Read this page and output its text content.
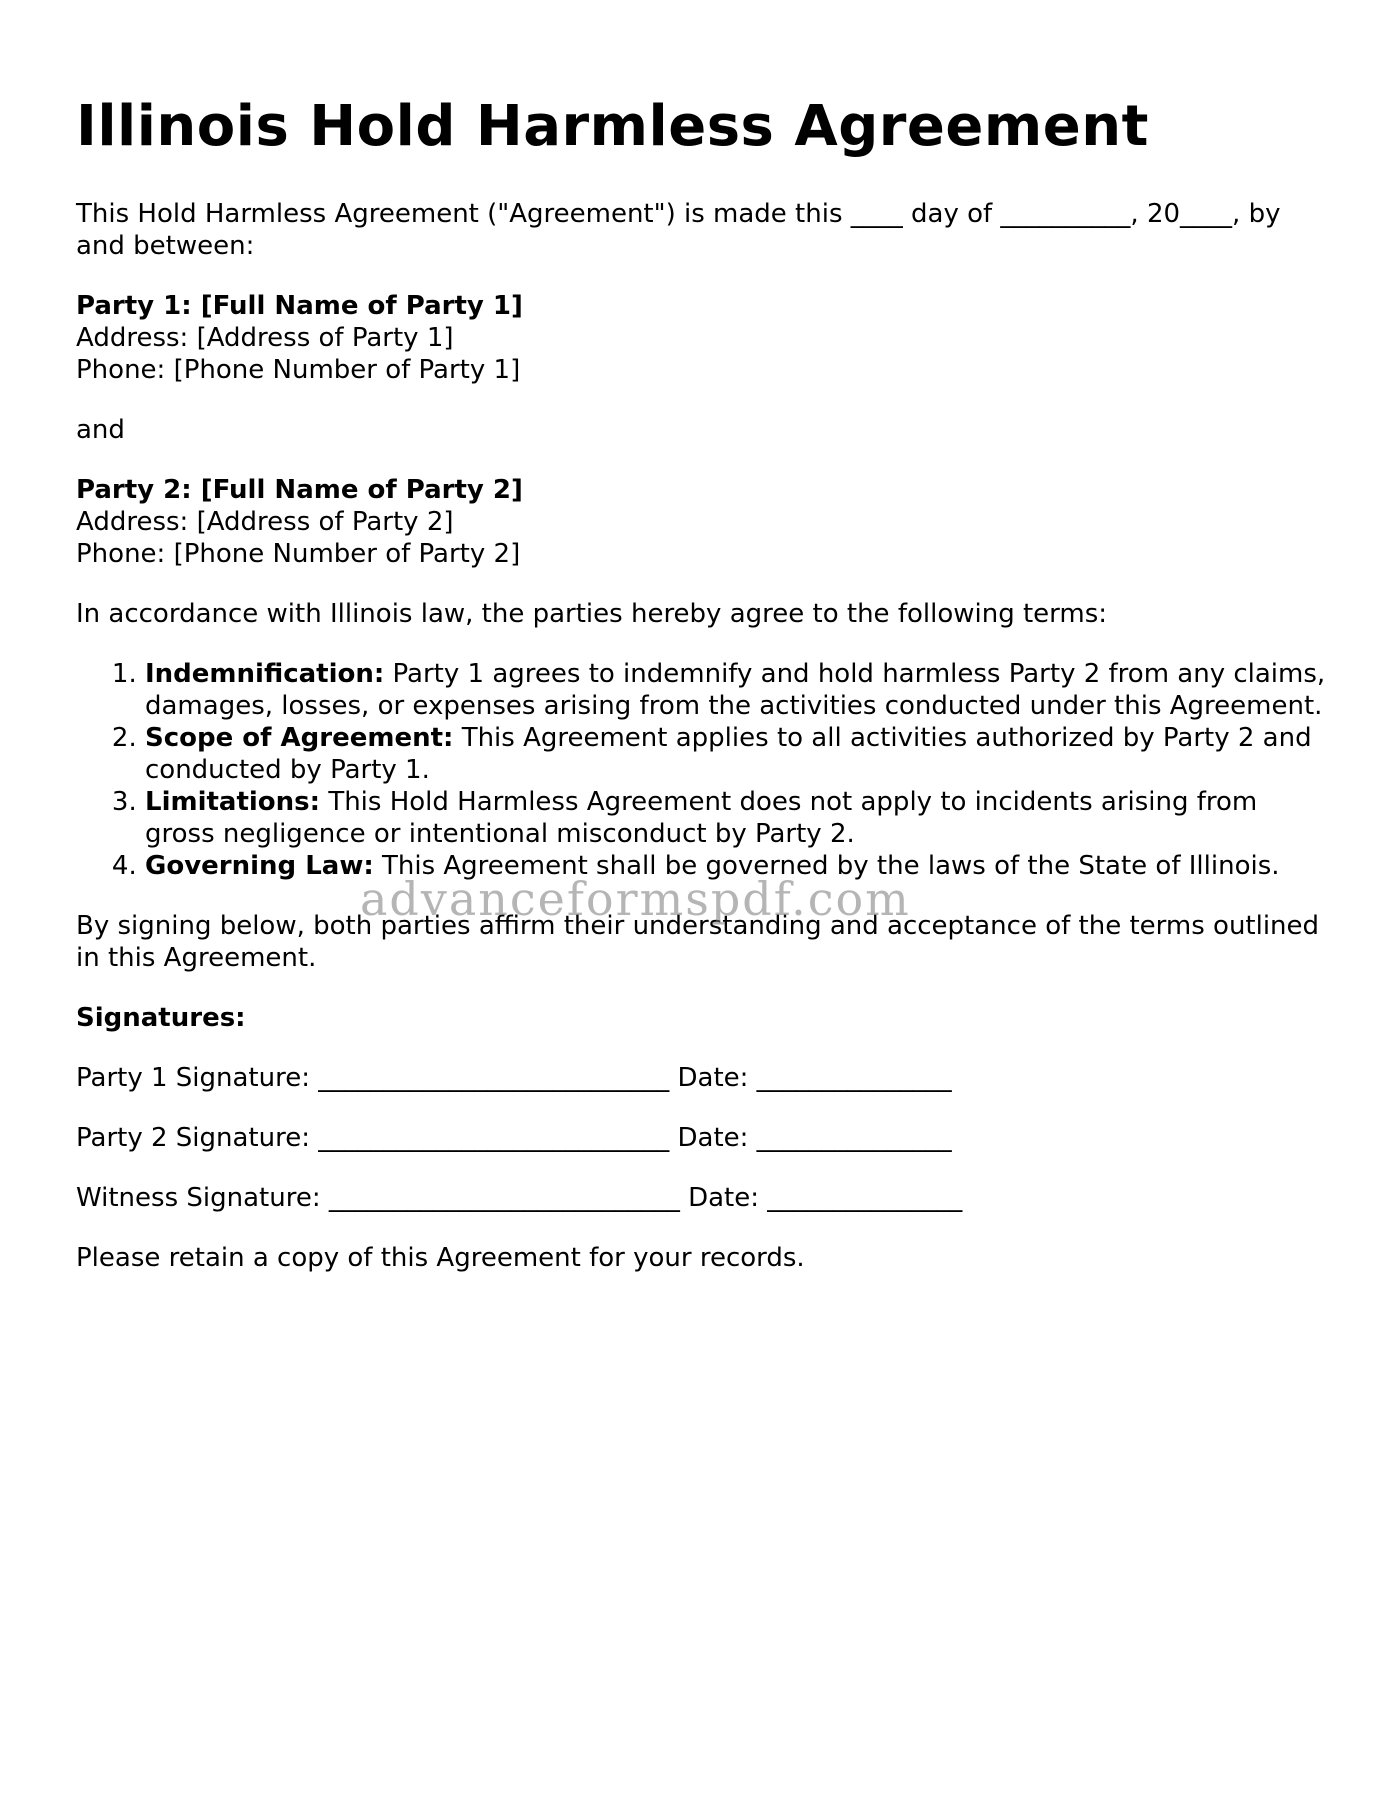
Illinois Hold Harmless Agreement

This Hold Harmless Agreement ("Agreement") is made this ____ day of __________, 20____, by and between:

Party 1: [Full Name of Party 1]
Address: [Address of Party 1]
Phone: [Phone Number of Party 1]

and

Party 2: [Full Name of Party 2]
Address: [Address of Party 2]
Phone: [Phone Number of Party 2]

In accordance with Illinois law, the parties hereby agree to the following terms:

1. Indemnification: Party 1 agrees to indemnify and hold harmless Party 2 from any claims, damages, losses, or expenses arising from the activities conducted under this Agreement.
2. Scope of Agreement: This Agreement applies to all activities authorized by Party 2 and conducted by Party 1.
3. Limitations: This Hold Harmless Agreement does not apply to incidents arising from gross negligence or intentional misconduct by Party 2.
4. Governing Law: This Agreement shall be governed by the laws of the State of Illinois.

By signing below, both parties affirm their understanding and acceptance of the terms outlined in this Agreement.

Signatures:

Party 1 Signature: ___________________________ Date: _______________

Party 2 Signature: ___________________________ Date: _______________

Witness Signature: ___________________________ Date: _______________

Please retain a copy of this Agreement for your records.

advanceformspdf.com
